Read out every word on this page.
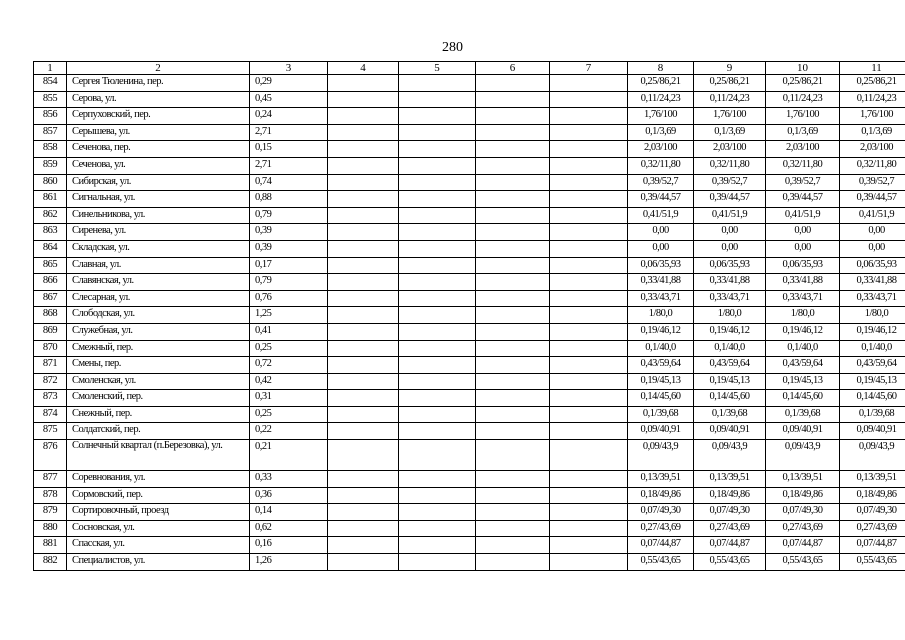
280
1	2	3	4	5	6	7	8	9	10	11
854	Сергея Тюленина, пер.	0,29					0,25/86,21	0,25/86,21	0,25/86,21	0,25/86,21
855	Серова, ул.	0,45					0,11/24,23	0,11/24,23	0,11/24,23	0,11/24,23
856	Серпуховский, пер.	0,24					1,76/100	1,76/100	1,76/100	1,76/100
857	Серышева, ул.	2,71					0,1/3,69	0,1/3,69	0,1/3,69	0,1/3,69
858	Сеченова, пер.	0,15					2,03/100	2,03/100	2,03/100	2,03/100
859	Сеченова, ул.	2,71					0,32/11,80	0,32/11,80	0,32/11,80	0,32/11,80
860	Сибирская, ул.	0,74					0,39/52,7	0,39/52,7	0,39/52,7	0,39/52,7
861	Сигнальная, ул.	0,88					0,39/44,57	0,39/44,57	0,39/44,57	0,39/44,57
862	Синельникова, ул.	0,79					0,41/51,9	0,41/51,9	0,41/51,9	0,41/51,9
863	Сиренева, ул.	0,39					0,00	0,00	0,00	0,00
864	Складская, ул.	0,39					0,00	0,00	0,00	0,00
865	Славная, ул.	0,17					0,06/35,93	0,06/35,93	0,06/35,93	0,06/35,93
866	Славянская, ул.	0,79					0,33/41,88	0,33/41,88	0,33/41,88	0,33/41,88
867	Слесарная, ул.	0,76					0,33/43,71	0,33/43,71	0,33/43,71	0,33/43,71
868	Слободская, ул.	1,25					1/80,0	1/80,0	1/80,0	1/80,0
869	Служебная, ул.	0,41					0,19/46,12	0,19/46,12	0,19/46,12	0,19/46,12
870	Смежный, пер.	0,25					0,1/40,0	0,1/40,0	0,1/40,0	0,1/40,0
871	Смены, пер.	0,72					0,43/59,64	0,43/59,64	0,43/59,64	0,43/59,64
872	Смоленская, ул.	0,42					0,19/45,13	0,19/45,13	0,19/45,13	0,19/45,13
873	Смоленский, пер.	0,31					0,14/45,60	0,14/45,60	0,14/45,60	0,14/45,60
874	Снежный, пер.	0,25					0,1/39,68	0,1/39,68	0,1/39,68	0,1/39,68
875	Солдатский, пер.	0,22					0,09/40,91	0,09/40,91	0,09/40,91	0,09/40,91
876	Солнечный квартал (п.Березовка), ул.	0,21					0,09/43,9	0,09/43,9	0,09/43,9	0,09/43,9
877	Соревнования, ул.	0,33					0,13/39,51	0,13/39,51	0,13/39,51	0,13/39,51
878	Сормовский, пер.	0,36					0,18/49,86	0,18/49,86	0,18/49,86	0,18/49,86
879	Сортировочный, проезд	0,14					0,07/49,30	0,07/49,30	0,07/49,30	0,07/49,30
880	Сосновская, ул.	0,62					0,27/43,69	0,27/43,69	0,27/43,69	0,27/43,69
881	Спасская, ул.	0,16					0,07/44,87	0,07/44,87	0,07/44,87	0,07/44,87
882	Специалистов, ул.	1,26					0,55/43,65	0,55/43,65	0,55/43,65	0,55/43,65
